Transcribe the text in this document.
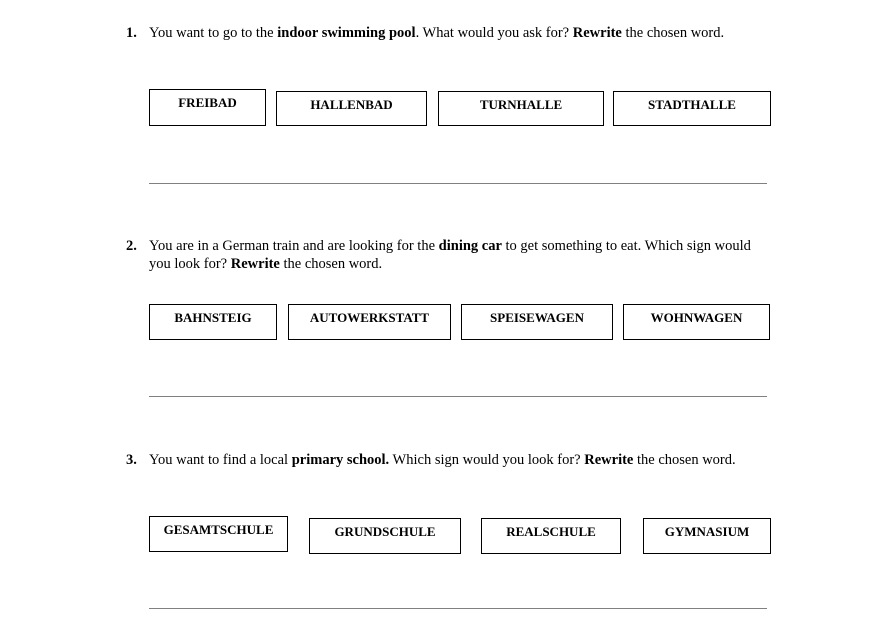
1. You want to go to the indoor swimming pool. What would you ask for? Rewrite the chosen word.
FREIBAD	HALLENBAD	TURNHALLE	STADTHALLE
2. You are in a German train and are looking for the dining car to get something to eat. Which sign would you look for? Rewrite the chosen word.
BAHNSTEIG	AUTOWERKSTATT	SPEISEWAGEN	WOHNWAGEN
3. You want to find a local primary school. Which sign would you look for? Rewrite the chosen word.
GESAMTSCHULE	GRUNDSCHULE	REALSCHULE	GYMNASIUM
